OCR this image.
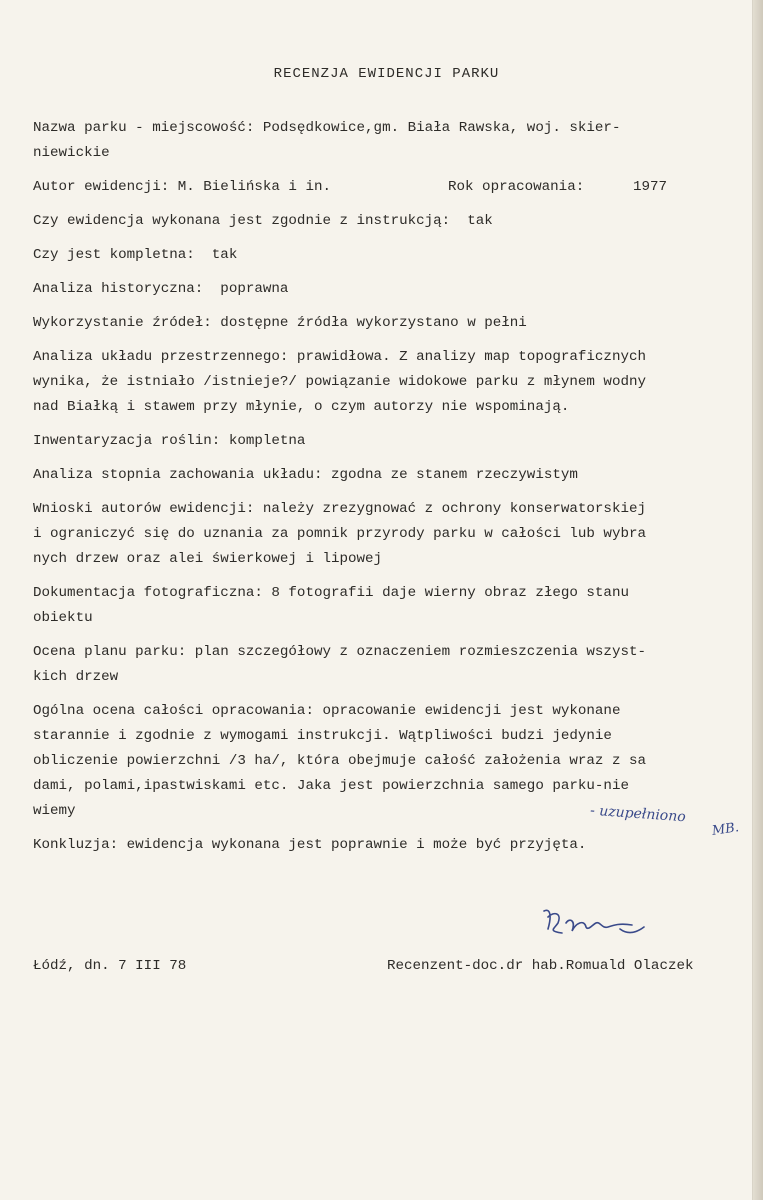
RECENZJA EWIDENCJI PARKU

Nazwa parku - miejscowość: Podsędkowice,gm. Biała Rawska, woj. skier-

niewickie

Autor ewidencji: M. Bielińska i in.	Rok opracowania:	1977

Czy ewidencja wykonana jest zgodnie z instrukcją:  tak

Czy jest kompletna:  tak

Analiza historyczna:  poprawna

Wykorzystanie źródeł: dostępne źródła wykorzystano w pełni

Analiza układu przestrzennego: prawidłowa. Z analizy map topograficznych

wynika, że istniało /istnieje?/ powiązanie widokowe parku z młynem wodny

nad Białką i stawem przy młynie, o czym autorzy nie wspominają.

Inwentaryzacja roślin: kompletna

Analiza stopnia zachowania układu: zgodna ze stanem rzeczywistym

Wnioski autorów ewidencji: należy zrezygnować z ochrony konserwatorskiej

i ograniczyć się do uznania za pomnik przyrody parku w całości lub wybra

nych drzew oraz alei świerkowej i lipowej

Dokumentacja fotograficzna: 8 fotografii daje wierny obraz złego stanu

obiektu

Ocena planu parku: plan szczegółowy z oznaczeniem rozmieszczenia wszyst-

kich drzew

Ogólna ocena całości opracowania: opracowanie ewidencji jest wykonane

starannie i zgodnie z wymogami instrukcji. Wątpliwości budzi jedynie

obliczenie powierzchni /3 ha/, która obejmuje całość założenia wraz z sa

dami, polami,ipastwiskami etc. Jaka jest powierzchnia samego parku-nie

wiemy

Konkluzja: ewidencja wykonana jest poprawnie i może być przyjęta.

- uzupełniono
MB.
Łódź, dn. 7 III 78	Recenzent-doc.dr hab.Romuald Olaczek
